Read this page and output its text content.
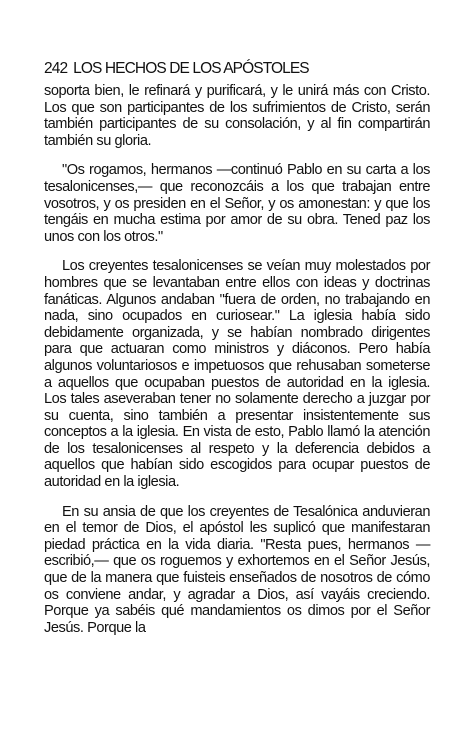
242 LOS HECHOS DE LOS APÓSTOLES

soporta bien, le refinará y purificará, y le unirá más con Cristo. Los que son participantes de los sufrimientos de Cristo, serán también participantes de su consolación, y al fin compartirán también su gloria.

"Os rogamos, hermanos —continuó Pablo en su carta a los tesalonicenses,— que reconozcáis a los que trabajan entre vosotros, y os presiden en el Señor, y os amonestan: y que los tengáis en mucha estima por amor de su obra. Tened paz los unos con los otros."

Los creyentes tesalonicenses se veían muy molestados por hombres que se levantaban entre ellos con ideas y doctrinas fanáticas. Algunos andaban "fuera de orden, no trabajando en nada, sino ocupados en curiosear." La iglesia había sido debidamente organizada, y se habían nombrado dirigentes para que actuaran como ministros y diáconos. Pero había algunos voluntariosos e impetuosos que rehusaban someterse a aquellos que ocupaban puestos de autoridad en la iglesia. Los tales aseveraban tener no solamente derecho a juzgar por su cuenta, sino también a presentar insistentemente sus conceptos a la iglesia. En vista de esto, Pablo llamó la atención de los tesalonicenses al respeto y la deferencia debidos a aquellos que habían sido escogidos para ocupar puestos de autoridad en la iglesia.

En su ansia de que los creyentes de Tesalónica anduvieran en el temor de Dios, el apóstol les suplicó que manifestaran piedad práctica en la vida diaria. "Resta pues, hermanos —escribió,— que os roguemos y exhortemos en el Señor Jesús, que de la manera que fuisteis enseñados de nosotros de cómo os conviene andar, y agradar a Dios, así vayáis creciendo. Porque ya sabéis qué mandamientos os dimos por el Señor Jesús. Porque la
